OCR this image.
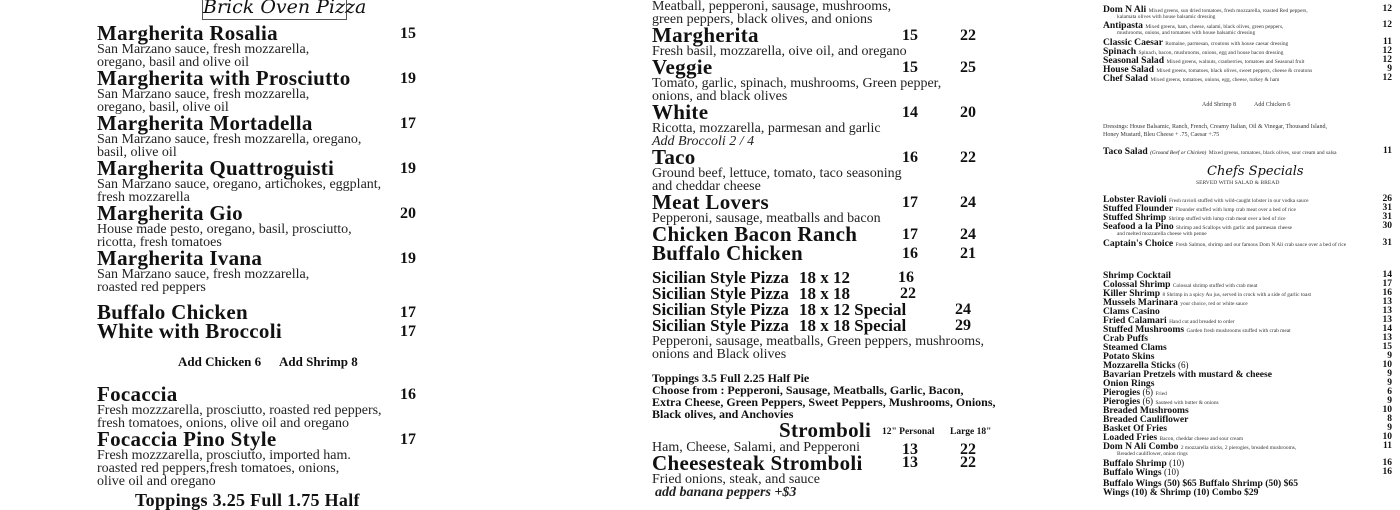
Brick Oven Pizza
Margherita Rosalia	15
San Marzano sauce, fresh mozzarella,
oregano, basil and olive oil
Margherita with Prosciutto	19
San Marzano sauce, fresh mozzarella,
oregano, basil, olive oil
Margherita Mortadella	17
San Marzano sauce, fresh mozzarella, oregano,
basil, olive oil
Margherita Quattroguisti	19
San Marzano sauce, oregano, artichokes, eggplant,
fresh mozzarella
Margherita Gio	20
House made pesto, oregano, basil, prosciutto,
ricotta, fresh tomatoes
Margherita Ivana	19
San Marzano sauce, fresh mozzarella,
roasted red peppers
Buffalo Chicken	17
White with Broccoli	17
Focaccia	16
Fresh mozzzarella, prosciutto, roasted red peppers,
fresh tomatoes, onions, olive oil and oregano
Focaccia Pino Style	17
Fresh mozzzarella, prosciutto, imported ham.
roasted red peppers,fresh tomatoes, onions,
olive oil and oregano
Add Chicken 6 Add Shrimp 8
Toppings 3.25 Full 1.75 Half
Meatball, pepperoni, sausage, mushrooms,
green peppers, black olives, and onions
Margherita	15	22
Fresh basil, mozzarella, oive oil, and oregano
Veggie	15	25
Tomato, garlic, spinach, mushrooms, Green pepper,
onions, and black olives
White	14	20
Ricotta, mozzarella, parmesan and garlic
Add Broccoli 2 / 4
Taco	16	22
Ground beef, lettuce, tomato, taco seasoning
and cheddar cheese
Meat Lovers	17	24
Pepperoni, sausage, meatballs and bacon
Chicken Bacon Ranch	17	24
Buffalo Chicken	16	21
Sicilian Style Pizza 18 x 12	16
Sicilian Style Pizza 18 x 18	22
Sicilian Style Pizza 18 x 12 Special	24
Sicilian Style Pizza 18 x 18 Special	29
Pepperoni, sausage, meatballs, Green peppers, mushrooms,
onions and Black olives
Toppings 3.5 Full 2.25 Half Pie
Choose from : Pepperoni, Sausage, Meatballs, Garlic, Bacon,
Extra Cheese, Green Peppers, Sweet Peppers, Mushrooms, Onions,
Black olives, and Anchovies
Stromboli 12" Personal Large 18"
Ham, Cheese, Salami, and Pepperoni	13	22
Cheesesteak Stromboli 13	22
Fried onions, steak, and sauce
add banana peppers +$3
Dom N Ali Mixed greens, sun dried tomatoes, fresh mozzarella, roasted Red peppers,
kalamata olives with house balsamic dressing
12
Antipasta Mixed greens, ham, cheese, salami, black olives, green peppers,
mushrooms, onions, and tomatoes with house balsamic dressing
12
Classic Caesar Romaine, parmesan, croutons with house caesar dressing	11
Spinach Spinach, bacon, mushrooms, onions, egg and house bacon dressing	12
Seasonal Salad Mixed greens, walnuts, cranberries, tomatoes and Seasonal fruit	12
House Salad Mixed greens, tomatoes, black olives, sweet peppers, cheese & croutons	9
Chef Salad Mixed greens, tomatoes, onions, egg, cheese, turkey & ham	12
Add Shrimp 8	Add Chicken 6
Dressings: House Balsamic, Ranch, French, Creamy Italian, Oil & Vinegar, Thousand Island,
Honey Mustard, Bleu Cheese + .75, Caesar +.75
Taco Salad (Ground Beef or Chicken) Mixed greens, tomatoes, black olives, sour cream and salsa	11
Chefs Specials
SERVED WITH SALAD & BREAD
Lobster Ravioli Fresh ravioli stuffed with wild-caught lobster in our vodka sauce	26
Stuffed Flounder Flounder stuffed with lump crab meat over a bed of rice	31
Stuffed Shrimp Shrimp stuffed with lump crab meat over a bed of rice	31
Seafood a la Pino Shrimp and Scallops with garlic and parmesan cheese
and melted mozzarella cheese with penne
30
Captain's Choice Fresh Salmon, shrimp and our famous Dom N Ali crab sauce over a bed of rice	31
Shrimp Cocktail	14
Colossal Shrimp Colossal shrimp stuffed with crab meat	17
Killer Shrimp 8 Shrimp in a spicy Au jus, served in crock with a side of garlic toast	16
Mussels Marinara your choice, red or white sauce	13
Clams Casino	13
Fried Calamari Hand cut and breaded to order	13
Stuffed Mushrooms Garden fresh mushrooms stuffed with crab meat	14
Crab Puffs	13
Steamed Clams	15
Potato Skins	9
Mozzarella Sticks (6)	10
Bavarian Pretzels with mustard & cheese	9
Onion Rings	9
Pierogies (6) Fried	6
Pierogies (6) Sauteed with butter & onions	9
Breaded Mushrooms	10
Breaded Cauliflower	8
Basket Of Fries	9
Loaded Fries Bacon, cheddar cheese and sour cream	10
Dom N Ali Combo 2 mozzarella sticks, 2 pierogies, breaded mushrooms,
Breaded cauliflower, onion rings
11
Buffalo Shrimp (10)	16
Buffalo Wings (10)	16
Buffalo Wings (50) $65 Buffalo Shrimp (50) $65
Wings (10) & Shrimp (10) Combo $29
